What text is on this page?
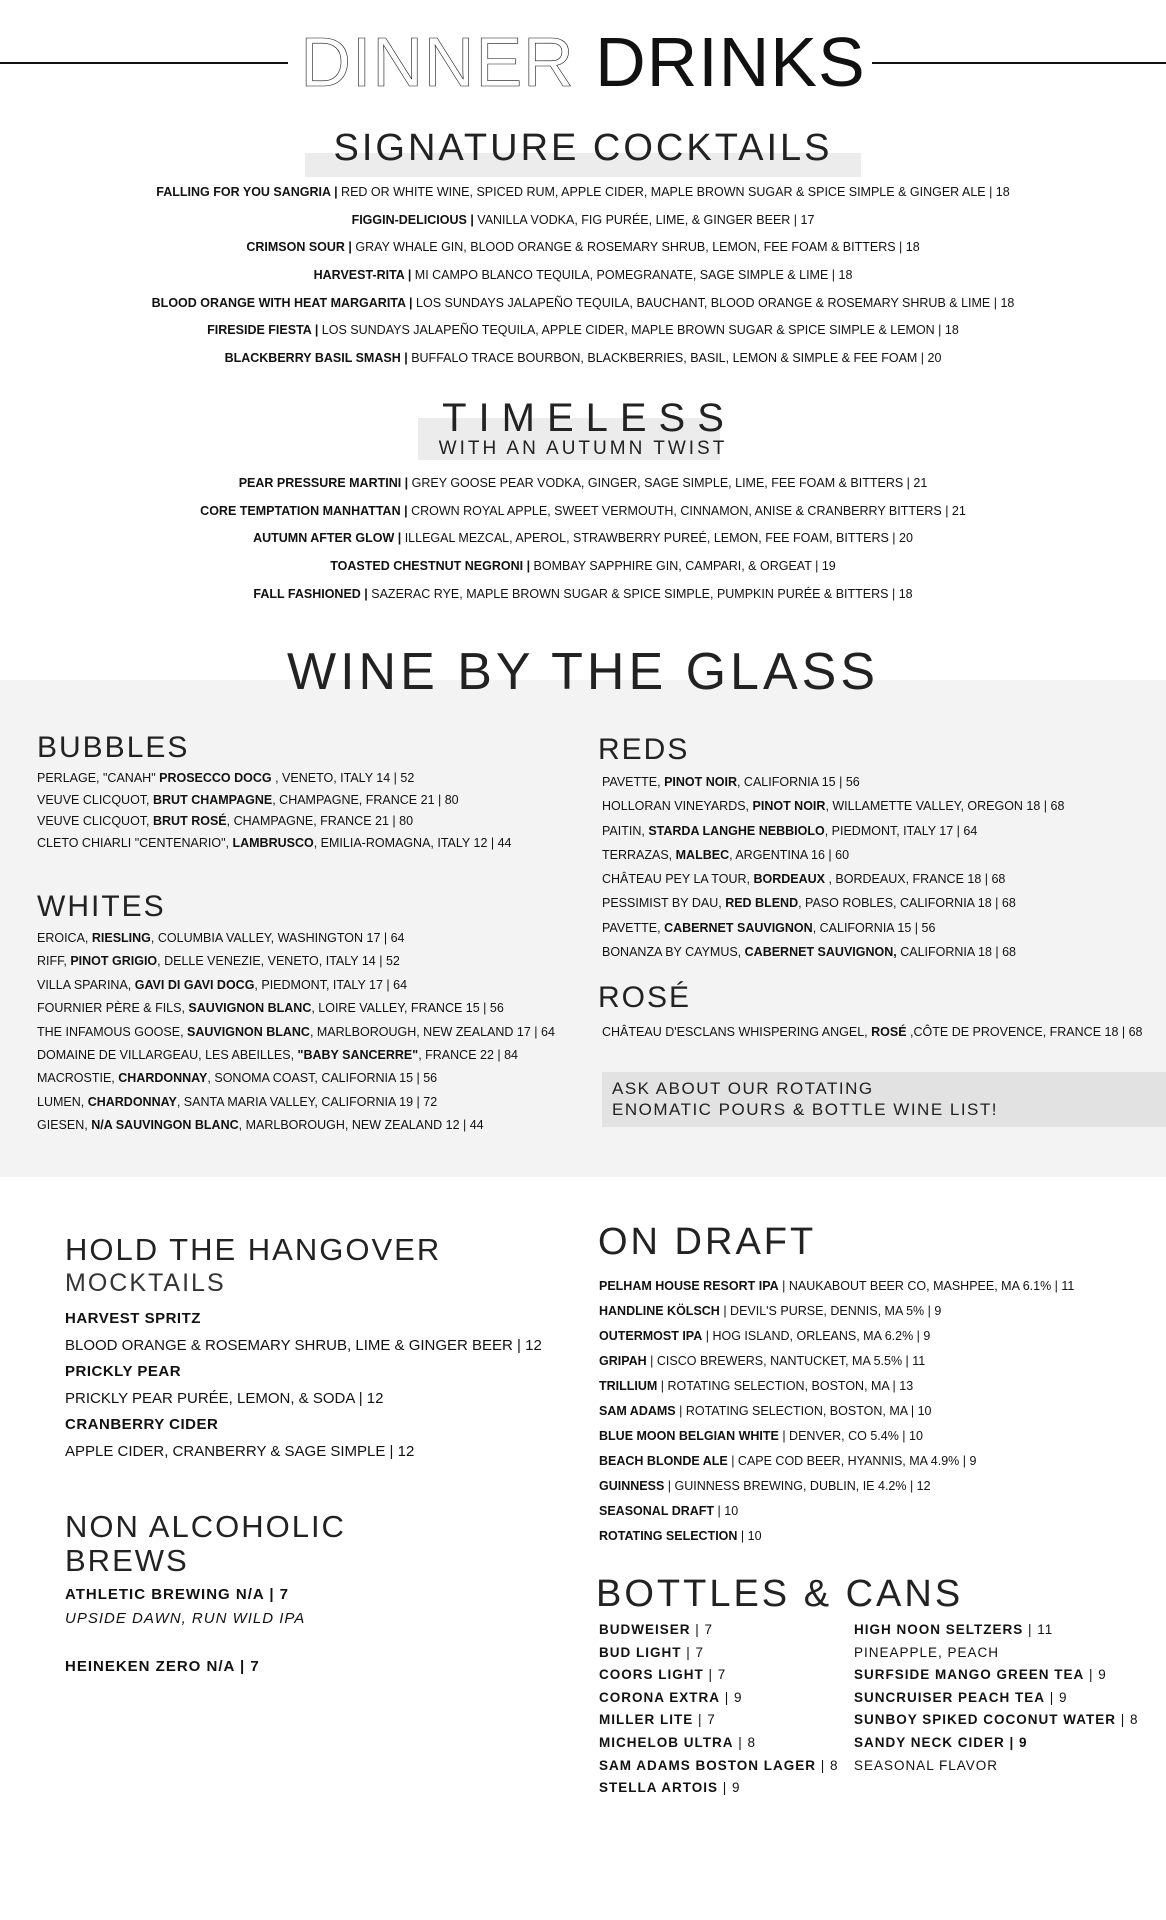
DINNER DRINKS
SIGNATURE COCKTAILS
FALLING FOR YOU SANGRIA | RED OR WHITE WINE, SPICED RUM, APPLE CIDER, MAPLE BROWN SUGAR & SPICE SIMPLE & GINGER ALE | 18
FIGGIN-DELICIOUS | VANILLA VODKA, FIG PURÉE, LIME, & GINGER BEER | 17
CRIMSON SOUR | GRAY WHALE GIN, BLOOD ORANGE & ROSEMARY SHRUB, LEMON, FEE FOAM & BITTERS | 18
HARVEST-RITA | MI CAMPO BLANCO TEQUILA, POMEGRANATE, SAGE SIMPLE & LIME | 18
BLOOD ORANGE WITH HEAT MARGARITA | LOS SUNDAYS JALAPEÑO TEQUILA, BAUCHANT, BLOOD ORANGE & ROSEMARY SHRUB & LIME | 18
FIRESIDE FIESTA | LOS SUNDAYS JALAPEÑO TEQUILA, APPLE CIDER, MAPLE BROWN SUGAR & SPICE SIMPLE & LEMON | 18
BLACKBERRY BASIL SMASH | BUFFALO TRACE BOURBON, BLACKBERRIES, BASIL, LEMON & SIMPLE & FEE FOAM | 20
TIMELESS
WITH AN AUTUMN TWIST
PEAR PRESSURE MARTINI | GREY GOOSE PEAR VODKA, GINGER, SAGE SIMPLE, LIME, FEE FOAM & BITTERS | 21
CORE TEMPTATION MANHATTAN | CROWN ROYAL APPLE, SWEET VERMOUTH, CINNAMON, ANISE & CRANBERRY BITTERS | 21
AUTUMN AFTER GLOW | ILLEGAL MEZCAL, APEROL, STRAWBERRY PUREÉ, LEMON, FEE FOAM, BITTERS | 20
TOASTED CHESTNUT NEGRONI | BOMBAY SAPPHIRE GIN, CAMPARI, & ORGEAT | 19
FALL FASHIONED | SAZERAC RYE, MAPLE BROWN SUGAR & SPICE SIMPLE, PUMPKIN PURÉE & BITTERS | 18
WINE BY THE GLASS
BUBBLES
PERLAGE, "CANAH" PROSECCO DOCG , VENETO, ITALY 14 | 52
VEUVE CLICQUOT, BRUT CHAMPAGNE, CHAMPAGNE, FRANCE 21 | 80
VEUVE CLICQUOT, BRUT ROSÉ, CHAMPAGNE, FRANCE 21 | 80
CLETO CHIARLI "CENTENARIO", LAMBRUSCO, EMILIA-ROMAGNA, ITALY 12 | 44
WHITES
EROICA, RIESLING, COLUMBIA VALLEY, WASHINGTON 17 | 64
RIFF, PINOT GRIGIO, DELLE VENEZIE, VENETO, ITALY 14 | 52
VILLA SPARINA, GAVI DI GAVI DOCG, PIEDMONT, ITALY 17 | 64
FOURNIER PÈRE & FILS, SAUVIGNON BLANC, LOIRE VALLEY, FRANCE 15 | 56
THE INFAMOUS GOOSE, SAUVIGNON BLANC, MARLBOROUGH, NEW ZEALAND 17 | 64
DOMAINE DE VILLARGEAU, LES ABEILLES, "BABY SANCERRE", FRANCE 22 | 84
MACROSTIE, CHARDONNAY, SONOMA COAST, CALIFORNIA 15 | 56
LUMEN, CHARDONNAY, SANTA MARIA VALLEY, CALIFORNIA 19 | 72
GIESEN, N/A SAUVINGON BLANC, MARLBOROUGH, NEW ZEALAND 12 | 44
REDS
PAVETTE, PINOT NOIR, CALIFORNIA 15 | 56
HOLLORAN VINEYARDS, PINOT NOIR, WILLAMETTE VALLEY, OREGON 18 | 68
PAITIN, STARDA LANGHE NEBBIOLO, PIEDMONT, ITALY 17 | 64
TERRAZAS, MALBEC, ARGENTINA 16 | 60
CHÂTEAU PEY LA TOUR, BORDEAUX , BORDEAUX, FRANCE 18 | 68
PESSIMIST BY DAU, RED BLEND, PASO ROBLES, CALIFORNIA 18 | 68
PAVETTE, CABERNET SAUVIGNON, CALIFORNIA 15 | 56
BONANZA BY CAYMUS, CABERNET SAUVIGNON, CALIFORNIA 18 | 68
ROSÉ
CHÂTEAU D'ESCLANS WHISPERING ANGEL, ROSÉ ,CÔTE DE PROVENCE, FRANCE 18 | 68
ASK ABOUT OUR ROTATING
ENOMATIC POURS & BOTTLE WINE LIST!
HOLD THE HANGOVER
MOCKTAILS
HARVEST SPRITZ
BLOOD ORANGE & ROSEMARY SHRUB, LIME & GINGER BEER | 12
PRICKLY PEAR
PRICKLY PEAR PURÉE, LEMON, & SODA | 12
CRANBERRY CIDER
APPLE CIDER, CRANBERRY & SAGE SIMPLE | 12
NON ALCOHOLIC
BREWS
ATHLETIC BREWING N/A | 7
UPSIDE DAWN, RUN WILD IPA
HEINEKEN ZERO N/A | 7
ON DRAFT
PELHAM HOUSE RESORT IPA | NAUKABOUT BEER CO, MASHPEE, MA 6.1% | 11
HANDLINE KÖLSCH | DEVIL'S PURSE, DENNIS, MA 5% | 9
OUTERMOST IPA | HOG ISLAND, ORLEANS, MA 6.2% | 9
GRIPAH | CISCO BREWERS, NANTUCKET, MA 5.5% | 11
TRILLIUM | ROTATING SELECTION, BOSTON, MA | 13
SAM ADAMS | ROTATING SELECTION, BOSTON, MA | 10
BLUE MOON BELGIAN WHITE | DENVER, CO 5.4% | 10
BEACH BLONDE ALE | CAPE COD BEER, HYANNIS, MA 4.9% | 9
GUINNESS | GUINNESS BREWING, DUBLIN, IE 4.2% | 12
SEASONAL DRAFT | 10
ROTATING SELECTION | 10
BOTTLES & CANS
BUDWEISER | 7
BUD LIGHT | 7
COORS LIGHT | 7
CORONA EXTRA | 9
MILLER LITE | 7
MICHELOB ULTRA | 8
SAM ADAMS BOSTON LAGER | 8
STELLA ARTOIS | 9
HIGH NOON SELTZERS | 11
PINEAPPLE, PEACH
SURFSIDE MANGO GREEN TEA | 9
SUNCRUISER PEACH TEA | 9
SUNBOY SPIKED COCONUT WATER | 8
SANDY NECK CIDER | 9
SEASONAL FLAVOR
